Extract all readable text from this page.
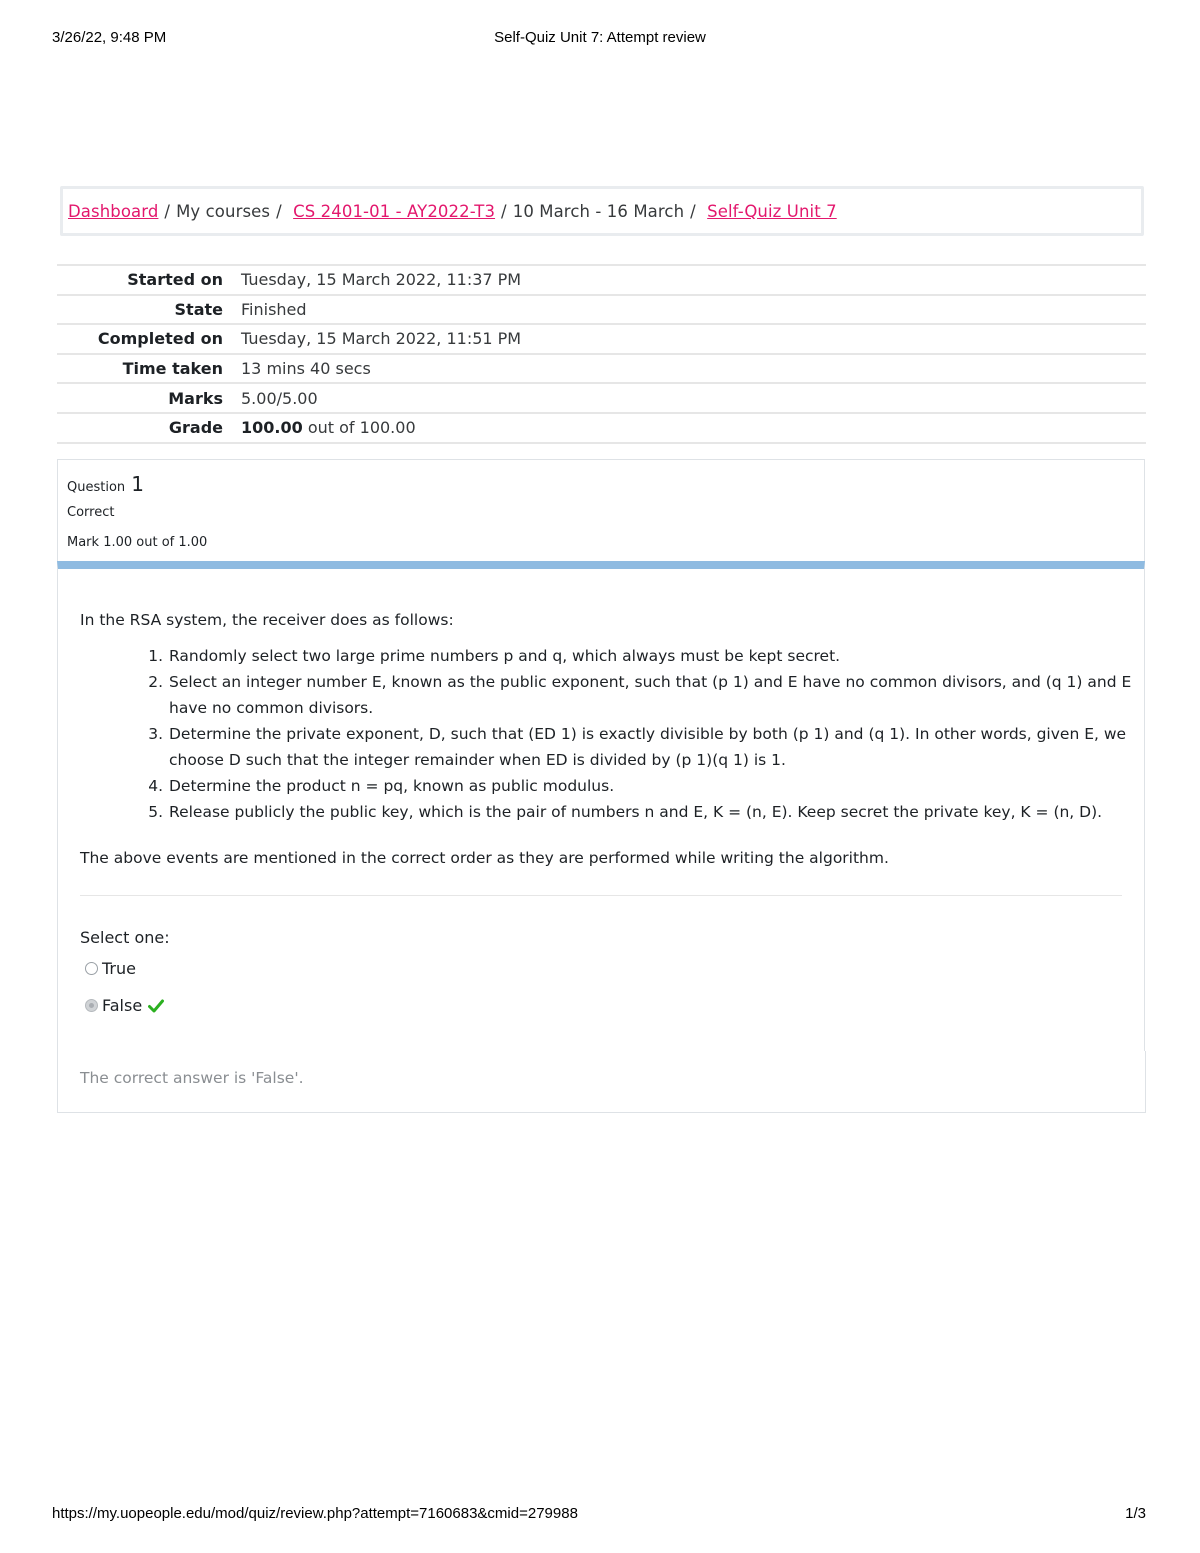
3/26/22, 9:48 PM	Self-Quiz Unit 7: Attempt review
Dashboard / My courses / CS 2401-01 - AY2022-T3 / 10 March - 16 March / Self-Quiz Unit 7
Started on	Tuesday, 15 March 2022, 11:37 PM
State	Finished
Completed on	Tuesday, 15 March 2022, 11:51 PM
Time taken	13 mins 40 secs
Marks	5.00/5.00
Grade	100.00 out of 100.00
Question 1
Correct
Mark 1.00 out of 1.00
In the RSA system, the receiver does as follows:
1. Randomly select two large prime numbers p and q, which always must be kept secret.
2. Select an integer number E, known as the public exponent, such that (p 1) and E have no common divisors, and (q 1) and E have no common divisors.
3. Determine the private exponent, D, such that (ED 1) is exactly divisible by both (p 1) and (q 1). In other words, given E, we choose D such that the integer remainder when ED is divided by (p 1)(q 1) is 1.
4. Determine the product n = pq, known as public modulus.
5. Release publicly the public key, which is the pair of numbers n and E, K = (n, E). Keep secret the private key, K = (n, D).
The above events are mentioned in the correct order as they are performed while writing the algorithm.
Select one:
True
False
The correct answer is 'False'.
https://my.uopeople.edu/mod/quiz/review.php?attempt=7160683&cmid=279988	1/3
